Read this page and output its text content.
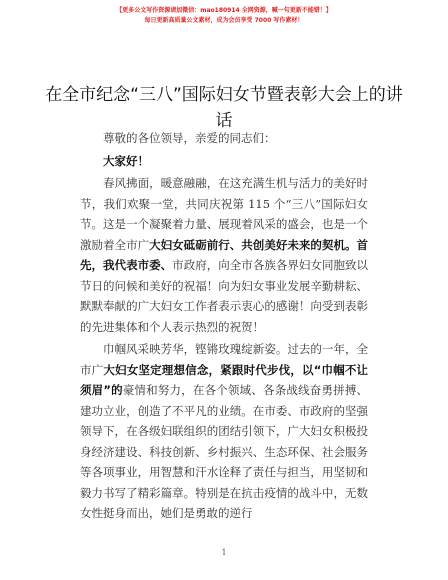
【更多公文写作资源请加微信：mao180914 全网资源，喊一句更新不能错！】
每日更新高质量公文素材，成为会员享受 7000 写作素材！
在全市纪念“三八”国际妇女节暨表彰大会上的讲话

尊敬的各位领导，亲爱的同志们：

大家好！

春风拂面，暖意融融，在这充满生机与活力的美好时节，我们欢聚一堂，共同庆祝第 115 个“三八”国际妇女节。这是一个凝聚着力量、展现着风采的盛会，也是一个激励着全市广大妇女砥砺前行、共创美好未来的契机。首先，我代表市委、市政府，向全市各族各界妇女同胞致以节日的问候和美好的祝福！向为妇女事业发展辛勤耕耘、默默奉献的广大妇女工作者表示衷心的感谢！向受到表彰的先进集体和个人表示热烈的祝贺！

巾帼风采映芳华，铿锵玫瑰绽新姿。过去的一年，全市广大妇女坚定理想信念，紧跟时代步伐，以“巾帼不让须眉”的豪情和努力，在各个领域、各条战线奋勇拼搏、建功立业，创造了不平凡的业绩。在市委、市政府的坚强领导下，在各级妇联组织的团结引领下，广大妇女积极投身经济建设、科技创新、乡村振兴、生态环保、社会服务等各项事业，用智慧和汗水诠释了责任与担当，用坚韧和毅力书写了精彩篇章。特别是在抗击疫情的战斗中，无数女性挺身而出，她们是勇敢的逆行

1
